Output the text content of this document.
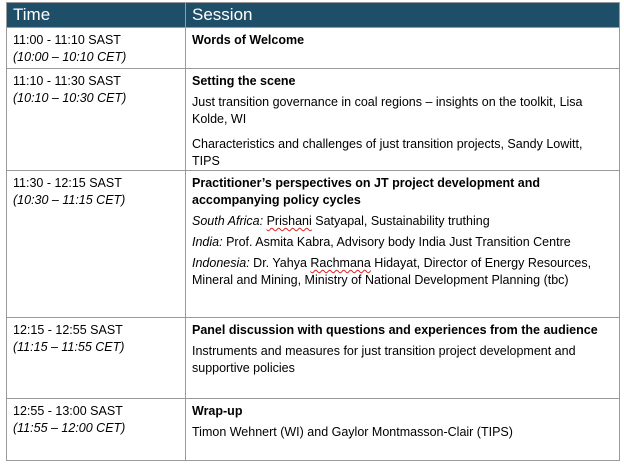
Time	Session

11:00 - 11:10 SAST
(10:00 – 10:10 CET)	Words of Welcome

11:10 - 11:30 SAST
(10:10 – 10:30 CET)	Setting the scene
Just transition governance in coal regions – insights on the toolkit, Lisa Kolde, WI
Characteristics and challenges of just transition projects, Sandy Lowitt, TIPS

11:30 - 12:15 SAST
(10:30 – 11:15 CET)	Practitioner’s perspectives on JT project development and accompanying policy cycles
South Africa: Prishani Satyapal, Sustainability truthing
India: Prof. Asmita Kabra, Advisory body India Just Transition Centre
Indonesia: Dr. Yahya Rachmana Hidayat, Director of Energy Resources, Mineral and Mining, Ministry of National Development Planning (tbc)

12:15 - 12:55 SAST
(11:15 – 11:55 CET)	Panel discussion with questions and experiences from the audience
Instruments and measures for just transition project development and supportive policies

12:55 - 13:00 SAST
(11:55 – 12:00 CET)	Wrap-up
Timon Wehnert (WI) and Gaylor Montmasson-Clair (TIPS)
